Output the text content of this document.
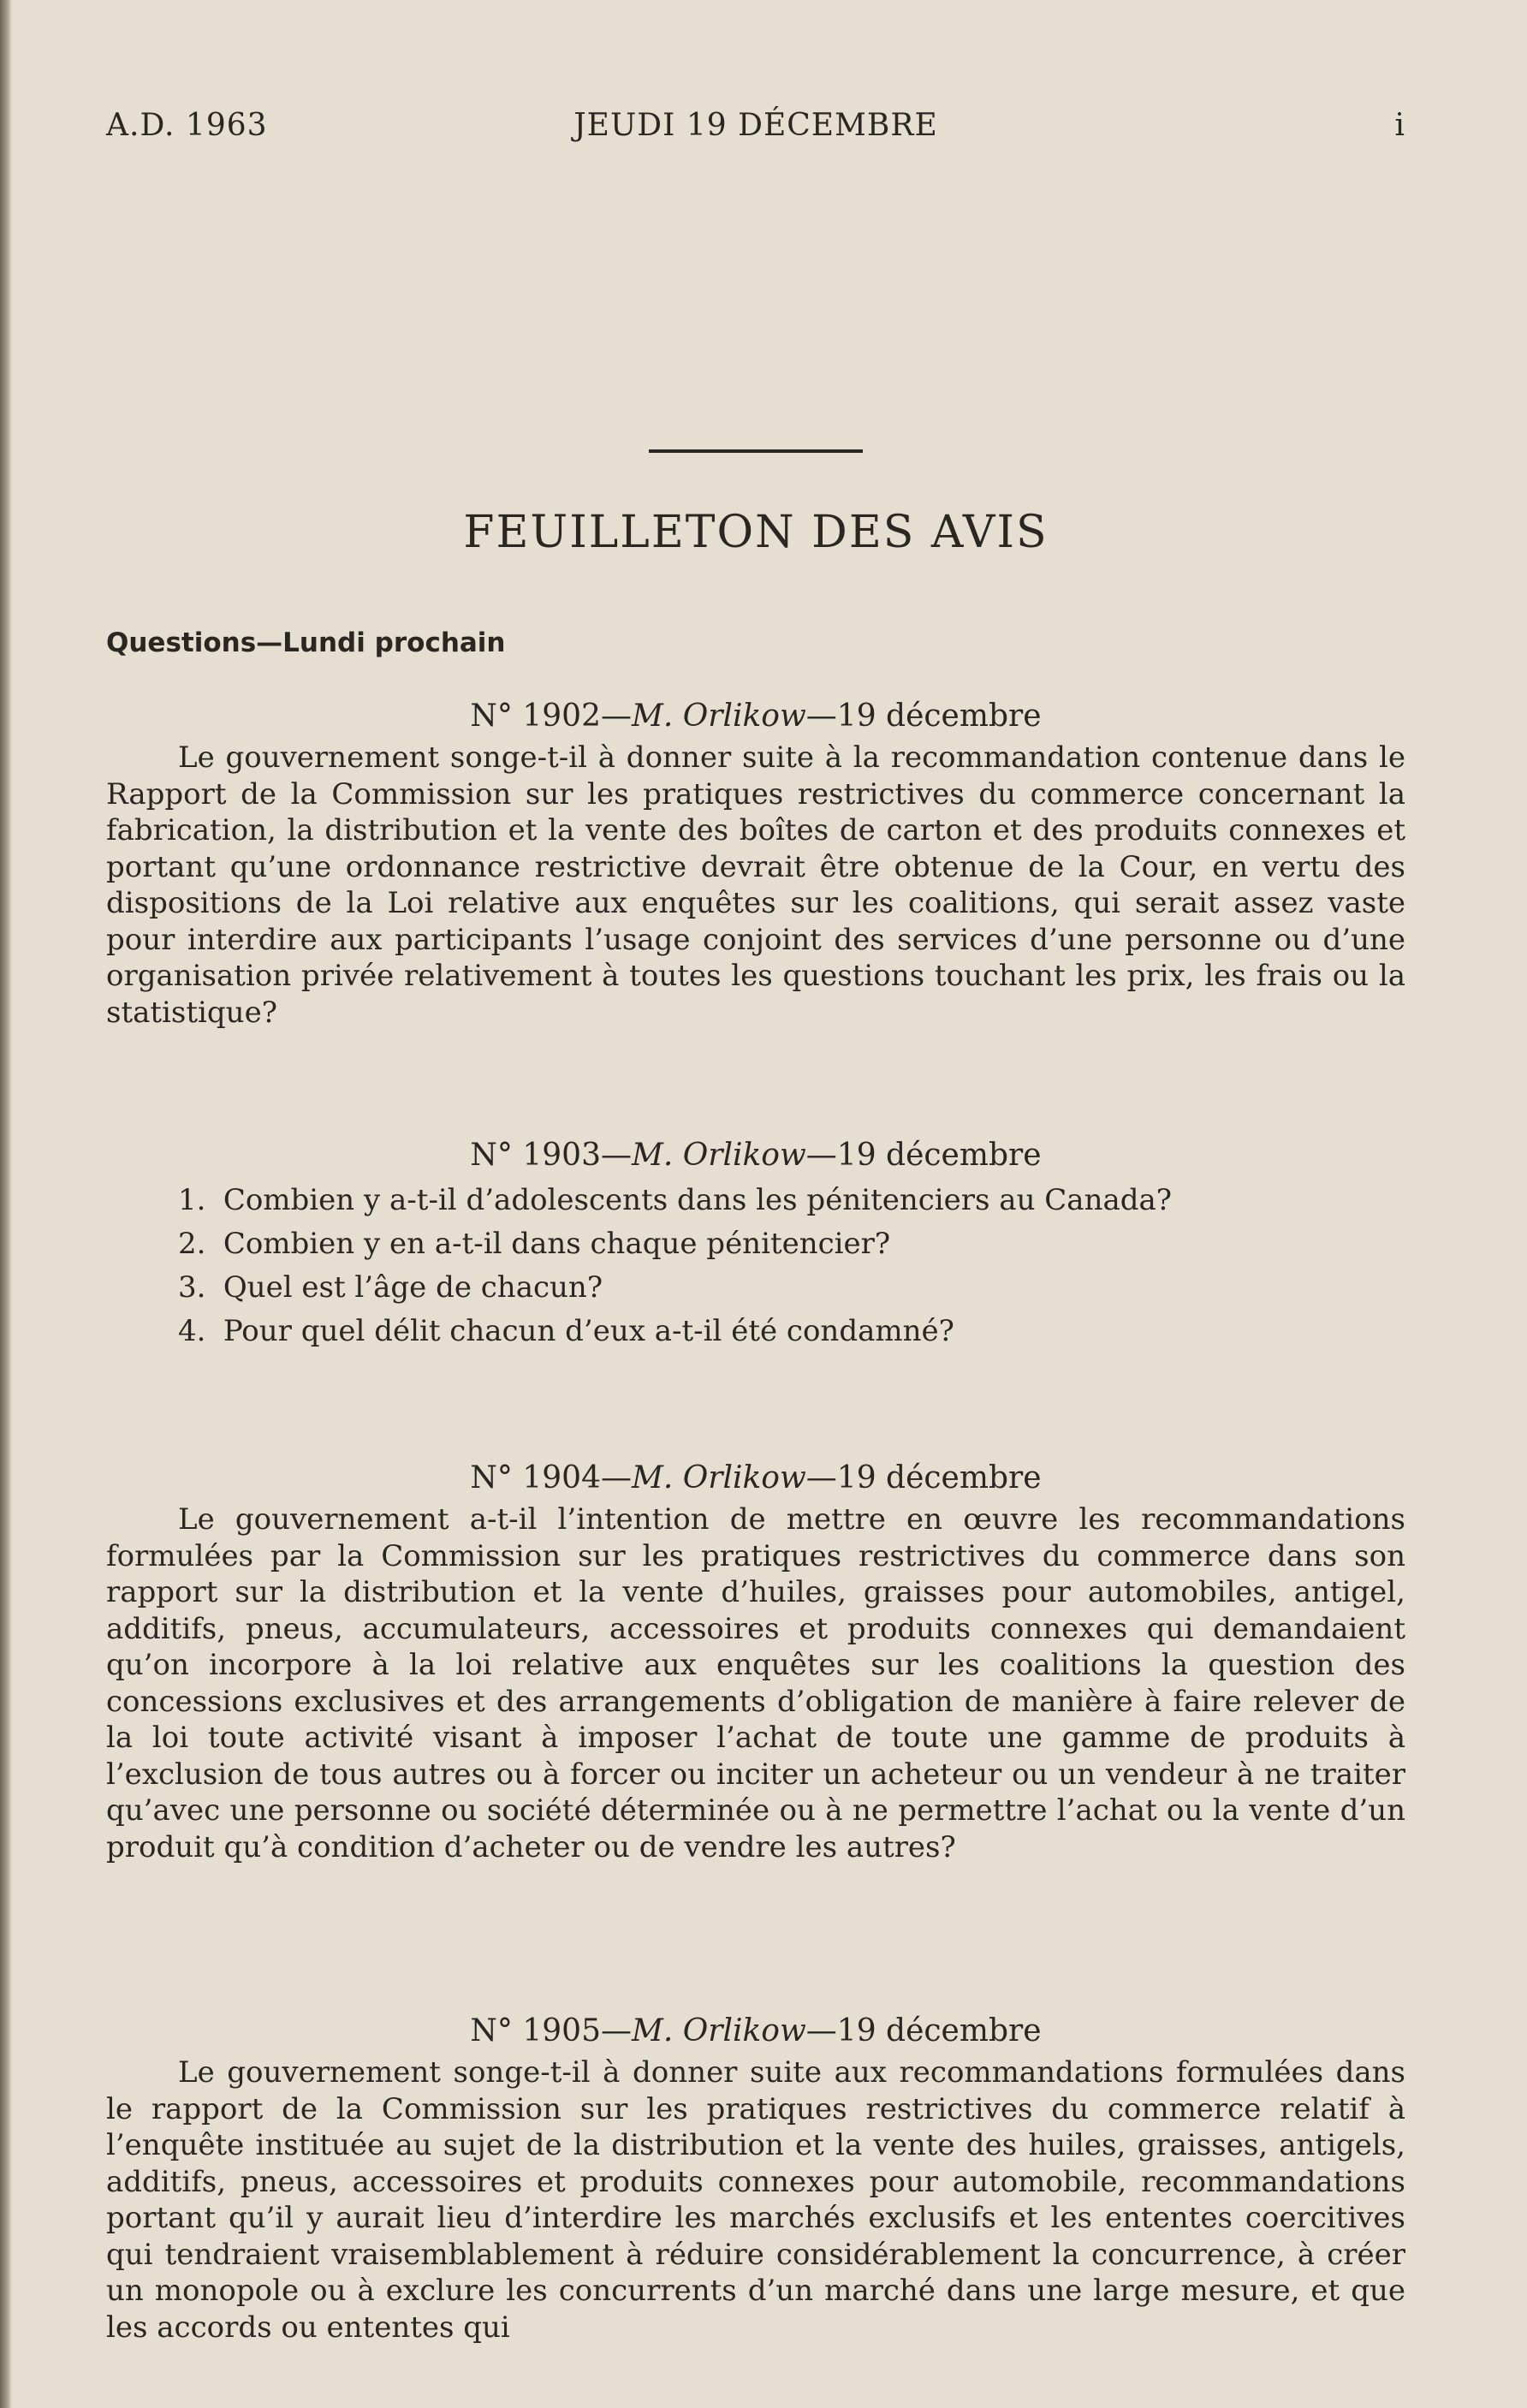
A.D. 1963	JEUDI 19 DÉCEMBRE	i
FEUILLETON DES AVIS
Questions—Lundi prochain
N° 1902—M. Orlikow—19 décembre

Le gouvernement songe-t-il à donner suite à la recommandation contenue dans le Rapport de la Commission sur les pratiques restrictives du commerce concernant la fabrication, la distribution et la vente des boîtes de carton et des produits connexes et portant qu’une ordonnance restrictive devrait être obtenue de la Cour, en vertu des dispositions de la Loi relative aux enquêtes sur les coalitions, qui serait assez vaste pour interdire aux participants l’usage conjoint des services d’une personne ou d’une organisation privée relativement à toutes les questions touchant les prix, les frais ou la statistique?

N° 1903—M. Orlikow—19 décembre
1. Combien y a-t-il d’adolescents dans les pénitenciers au Canada?
2. Combien y en a-t-il dans chaque pénitencier?
3. Quel est l’âge de chacun?
4. Pour quel délit chacun d’eux a-t-il été condamné?
N° 1904—M. Orlikow—19 décembre

Le gouvernement a-t-il l’intention de mettre en œuvre les recommandations formulées par la Commission sur les pratiques restrictives du commerce dans son rapport sur la distribution et la vente d’huiles, graisses pour automobiles, antigel, additifs, pneus, accumulateurs, accessoires et produits connexes qui demandaient qu’on incorpore à la loi relative aux enquêtes sur les coalitions la question des concessions exclusives et des arrangements d’obligation de manière à faire relever de la loi toute activité visant à imposer l’achat de toute une gamme de produits à l’exclusion de tous autres ou à forcer ou inciter un acheteur ou un vendeur à ne traiter qu’avec une personne ou société déterminée ou à ne permettre l’achat ou la vente d’un produit qu’à condition d’acheter ou de vendre les autres?

N° 1905—M. Orlikow—19 décembre

Le gouvernement songe-t-il à donner suite aux recommandations formulées dans le rapport de la Commission sur les pratiques restrictives du commerce relatif à l’enquête instituée au sujet de la distribution et la vente des huiles, graisses, antigels, additifs, pneus, accessoires et produits connexes pour automobile, recommandations portant qu’il y aurait lieu d’interdire les marchés exclusifs et les ententes coercitives qui tendraient vraisemblablement à réduire considérablement la concurrence, à créer un monopole ou à exclure les concurrents d’un marché dans une large mesure, et que les accords ou ententes qui
